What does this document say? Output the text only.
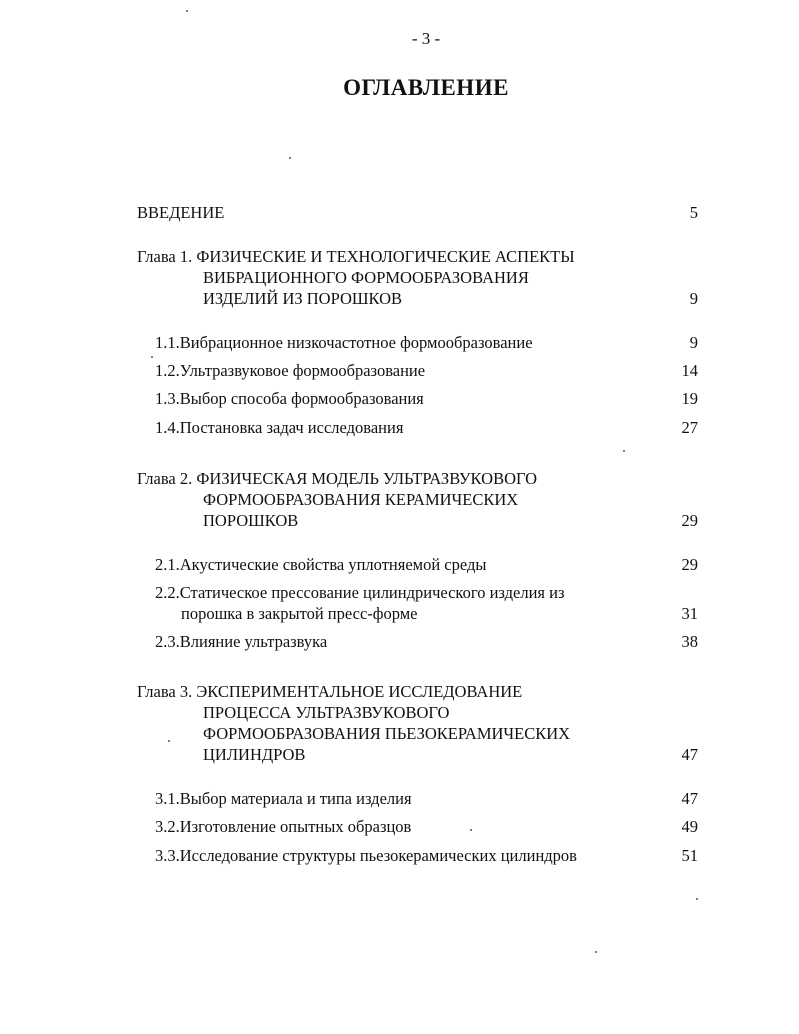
- 3 -
ОГЛАВЛЕНИЕ
ВВЕДЕНИЕ	5
Глава 1. ФИЗИЧЕСКИЕ И ТЕХНОЛОГИЧЕСКИЕ АСПЕКТЫ
ВИБРАЦИОННОГО ФОРМООБРАЗОВАНИЯ
ИЗДЕЛИЙ ИЗ ПОРОШКОВ	9
1.1.Вибрационное низкочастотное формообразование	9
1.2.Ультразвуковое формообразование	14
1.3.Выбор способа формообразования	19
1.4.Постановка задач исследования	27
Глава 2. ФИЗИЧЕСКАЯ МОДЕЛЬ УЛЬТРАЗВУКОВОГО
ФОРМООБРАЗОВАНИЯ КЕРАМИЧЕСКИХ
ПОРОШКОВ	29
2.1.Акустические свойства уплотняемой среды	29
2.2.Статическое прессование цилиндрического изделия из
порошка в закрытой пресс-форме	31
2.3.Влияние ультразвука	38
Глава 3. ЭКСПЕРИМЕНТАЛЬНОЕ ИССЛЕДОВАНИЕ
ПРОЦЕССА УЛЬТРАЗВУКОВОГО
ФОРМООБРАЗОВАНИЯ ПЬЕЗОКЕРАМИЧЕСКИХ
ЦИЛИНДРОВ	47
3.1.Выбор материала и типа изделия	47
3.2.Изготовление опытных образцов	49
3.3.Исследование структуры пьезокерамических цилиндров	51
